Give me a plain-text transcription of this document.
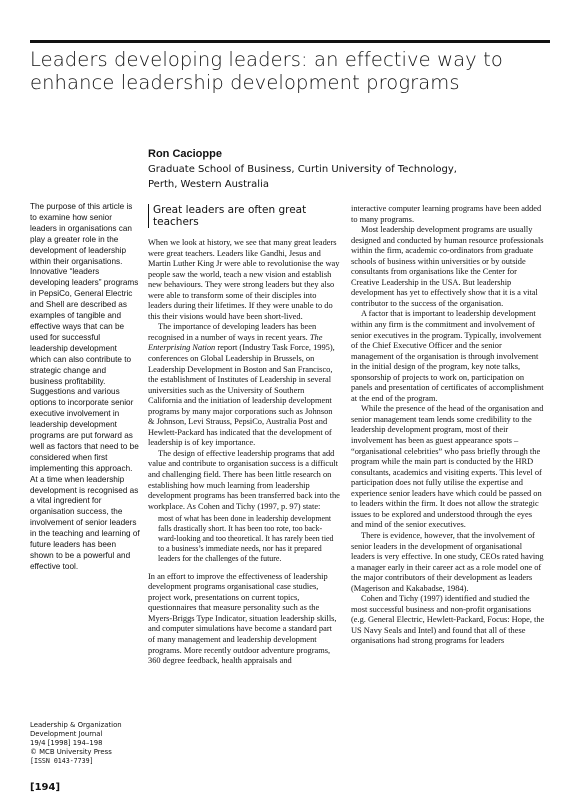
Leaders developing leaders: an effective way to enhance leadership development programs
Ron Cacioppe
Graduate School of Business, Curtin University of Technology, Perth, Western Australia
The purpose of this article is to examine how senior leaders in organisations can play a greater role in the development of leadership within their organisations. Innovative “leaders developing leaders” programs in PepsiCo, General Electric and Shell are described as examples of tangible and effective ways that can be used for successful leadership development which can also contribute to strategic change and business profitability. Suggestions and various options to incorporate senior executive involvement in leadership development programs are put forward as well as factors that need to be considered when first implementing this approach. At a time when leadership development is recognised as a vital ingredient for organisation success, the involvement of senior leaders in the teaching and learning of future leaders has been shown to be a powerful and effective tool.
Leadership & Organization
Development Journal
19/4 [1998] 194–198
© MCB University Press
[ISSN 0143-7739]
[194]
Great leaders are often great teachers

When we look at history, we see that many great leaders were great teachers. Leaders like Gandhi, Jesus and Martin Luther King Jr were able to revolutionise the way people saw the world, teach a new vision and establish new behaviours. They were strong leaders but they also were able to transform some of their disciples into leaders during their lifetimes. If they were unable to do this their visions would have been short-lived.

The importance of developing leaders has been recognised in a number of ways in recent years. The Enterprising Nation report (Industry Task Force, 1995), conferences on Global Leadership in Brussels, on Leadership Development in Boston and San Francisco, the establishment of Institutes of Leadership in several universities such as the University of Southern California and the initiation of leadership development programs by many major corporations such as Johnson & Johnson, Levi Strauss, PepsiCo, Australia Post and Hewlett-Packard has indicated that the development of leadership is of key importance.

The design of effective leadership programs that add value and contribute to organisation success is a difficult and challenging field. There has been little research on establishing how much learning from leadership development programs has been transferred back into the workplace. As Cohen and Tichy (1997, p. 97) state:

most of what has been done in leadership development falls drastically short. It has been too rote, too back-ward-looking and too theoretical. It has rarely been tied to a business’s immediate needs, nor has it prepared leaders for the challenges of the future.

In an effort to improve the effectiveness of leadership development programs organisational case studies, project work, presentations on current topics, questionnaires that measure personality such as the Myers-Briggs Type Indicator, situation leadership skills, and computer simulations have become a standard part of many management and leadership development programs. More recently outdoor adventure programs, 360 degree feedback, health appraisals and

interactive computer learning programs have been added to many programs.

Most leadership development programs are usually designed and conducted by human resource professionals within the firm, academic co-ordinators from graduate schools of business within universities or by outside consultants from organisations like the Center for Creative Leadership in the USA. But leadership development has yet to effectively show that it is a vital contributor to the success of the organisation.

A factor that is important to leadership development within any firm is the commitment and involvement of senior executives in the program. Typically, involvement of the Chief Executive Officer and the senior management of the organisation is through involvement in the initial design of the program, key note talks, sponsorship of projects to work on, participation on panels and presentation of certificates of accomplishment at the end of the program.

While the presence of the head of the organisation and senior management team lends some credibility to the leadership development program, most of their involvement has been as guest appearance spots – “organisational celebrities” who pass briefly through the program while the main part is conducted by the HRD consultants, academics and visiting experts. This level of participation does not fully utilise the expertise and experience senior leaders have which could be passed on to leaders within the firm. It does not allow the strategic issues to be explored and understood through the eyes and mind of the senior executives.

There is evidence, however, that the involvement of senior leaders in the development of organisational leaders is very effective. In one study, CEOs rated having a manager early in their career act as a role model one of the major contributors of their development as leaders (Magerison and Kakabadse, 1984).

Cohen and Tichy (1997) identified and studied the most successful business and non-profit organisations (e.g. General Electric, Hewlett-Packard, Focus: Hope, the US Navy Seals and Intel) and found that all of these organisations had strong programs for leaders
